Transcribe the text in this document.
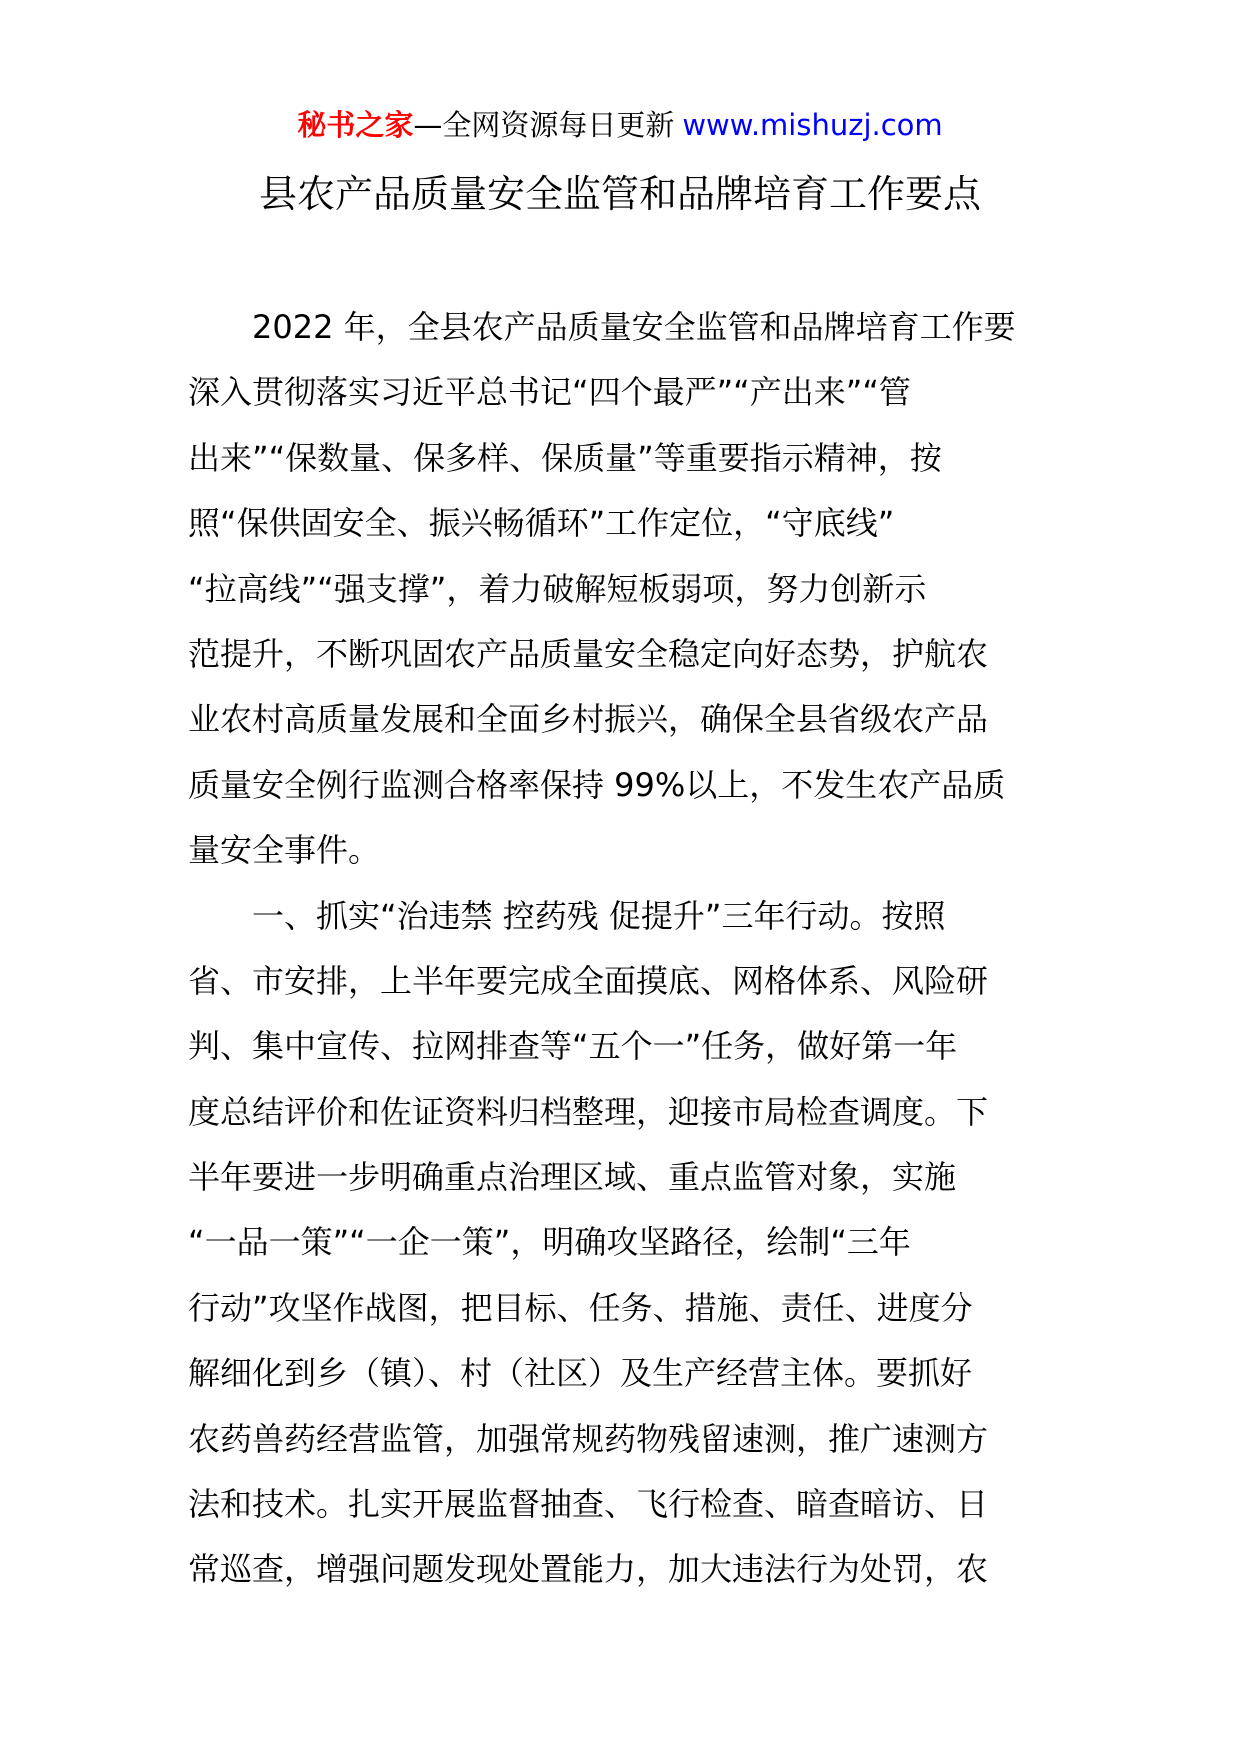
秘书之家—全网资源每日更新 www.mishuzj.com
县农产品质量安全监管和品牌培育工作要点
　　2022 年，全县农产品质量安全监管和品牌培育工作要
深入贯彻落实习近平总书记“四个最严”“产出来”“管
出来”“保数量、保多样、保质量”等重要指示精神，按
照“保供固安全、振兴畅循环”工作定位，“守底线”
“拉高线”“强支撑”，着力破解短板弱项，努力创新示
范提升，不断巩固农产品质量安全稳定向好态势，护航农
业农村高质量发展和全面乡村振兴，确保全县省级农产品
质量安全例行监测合格率保持 99%以上，不发生农产品质
量安全事件。
　　一、抓实“治违禁 控药残 促提升”三年行动。按照
省、市安排，上半年要完成全面摸底、网格体系、风险研
判、集中宣传、拉网排查等“五个一”任务，做好第一年
度总结评价和佐证资料归档整理，迎接市局检查调度。下
半年要进一步明确重点治理区域、重点监管对象，实施
“一品一策”“一企一策”，明确攻坚路径，绘制“三年
行动”攻坚作战图，把目标、任务、措施、责任、进度分
解细化到乡（镇）、村（社区）及生产经营主体。要抓好
农药兽药经营监管，加强常规药物残留速测，推广速测方
法和技术。扎实开展监督抽查、飞行检查、暗查暗访、日
常巡查，增强问题发现处置能力，加大违法行为处罚，农
